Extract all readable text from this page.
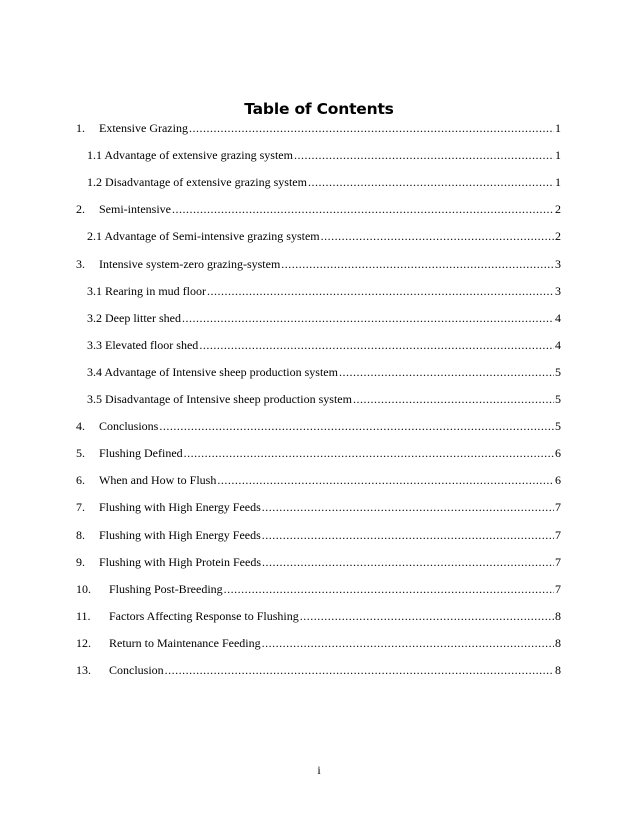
Table of Contents
1.	Extensive Grazing .....	1
1.1 Advantage of extensive grazing system .....	1
1.2 Disadvantage of extensive grazing system .....	1
2.	Semi-intensive .....	2
2.1 Advantage of Semi-intensive grazing system .....	2
3.	Intensive system-zero grazing-system .....	3
3.1 Rearing in mud floor .....	3
3.2 Deep litter shed .....	4
3.3 Elevated floor shed .....	4
3.4 Advantage of Intensive sheep production system .....	5
3.5 Disadvantage of Intensive sheep production system .....	5
4.	Conclusions .....	5
5.	Flushing Defined .....	6
6.	When and How to Flush .....	6
7.	Flushing with High Energy Feeds .....	7
8.	Flushing with High Energy Feeds .....	7
9.	Flushing with High Protein Feeds .....	7
10.	Flushing Post-Breeding .....	7
11.	Factors Affecting Response to Flushing .....	8
12.	Return to Maintenance Feeding .....	8
13.	Conclusion .....	8
i
